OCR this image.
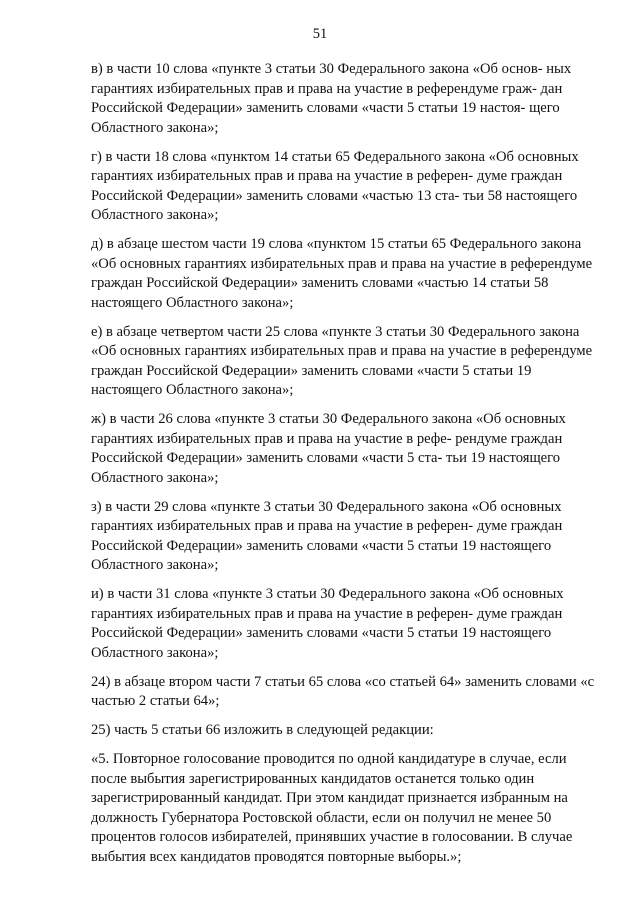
51
в) в части 10 слова «пункте 3 статьи 30 Федерального закона «Об основ- ных гарантиях избирательных прав и права на участие в референдуме граж- дан Российской Федерации» заменить словами «части 5 статьи 19 настоя- щего Областного закона»;
г) в части 18 слова «пунктом 14 статьи 65 Федерального закона «Об основных гарантиях избирательных прав и права на участие в референ- думе граждан Российской Федерации» заменить словами «частью 13 ста- тьи 58 настоящего Областного закона»;
д) в абзаце шестом части 19 слова «пунктом 15 статьи 65 Федерального закона «Об основных гарантиях избирательных прав и права на участие в референдуме граждан Российской Федерации» заменить словами «частью 14 статьи 58 настоящего Областного закона»;
е) в абзаце четвертом части 25 слова «пункте 3 статьи 30 Федерального закона «Об основных гарантиях избирательных прав и права на участие в референдуме граждан Российской Федерации» заменить словами «части 5 статьи 19 настоящего Областного закона»;
ж) в части 26 слова «пункте 3 статьи 30 Федерального закона «Об основных гарантиях избирательных прав и права на участие в рефе- рендуме граждан Российской Федерации» заменить словами «части 5 ста- тьи 19 настоящего Областного закона»;
з) в части 29 слова «пункте 3 статьи 30 Федерального закона «Об основных гарантиях избирательных прав и права на участие в референ- думе граждан Российской Федерации» заменить словами «части 5 статьи 19 настоящего Областного закона»;
и) в части 31 слова «пункте 3 статьи 30 Федерального закона «Об основных гарантиях избирательных прав и права на участие в референ- думе граждан Российской Федерации» заменить словами «части 5 статьи 19 настоящего Областного закона»;
24) в абзаце втором части 7 статьи 65 слова «со статьей 64» заменить словами «с частью 2 статьи 64»;
25) часть 5 статьи 66 изложить в следующей редакции:
«5. Повторное голосование проводится по одной кандидатуре в случае, если после выбытия зарегистрированных кандидатов останется только один зарегистрированный кандидат. При этом кандидат признается избранным на должность Губернатора Ростовской области, если он получил не менее 50 процентов голосов избирателей, принявших участие в голосовании. В случае выбытия всех кандидатов проводятся повторные выборы.»;
